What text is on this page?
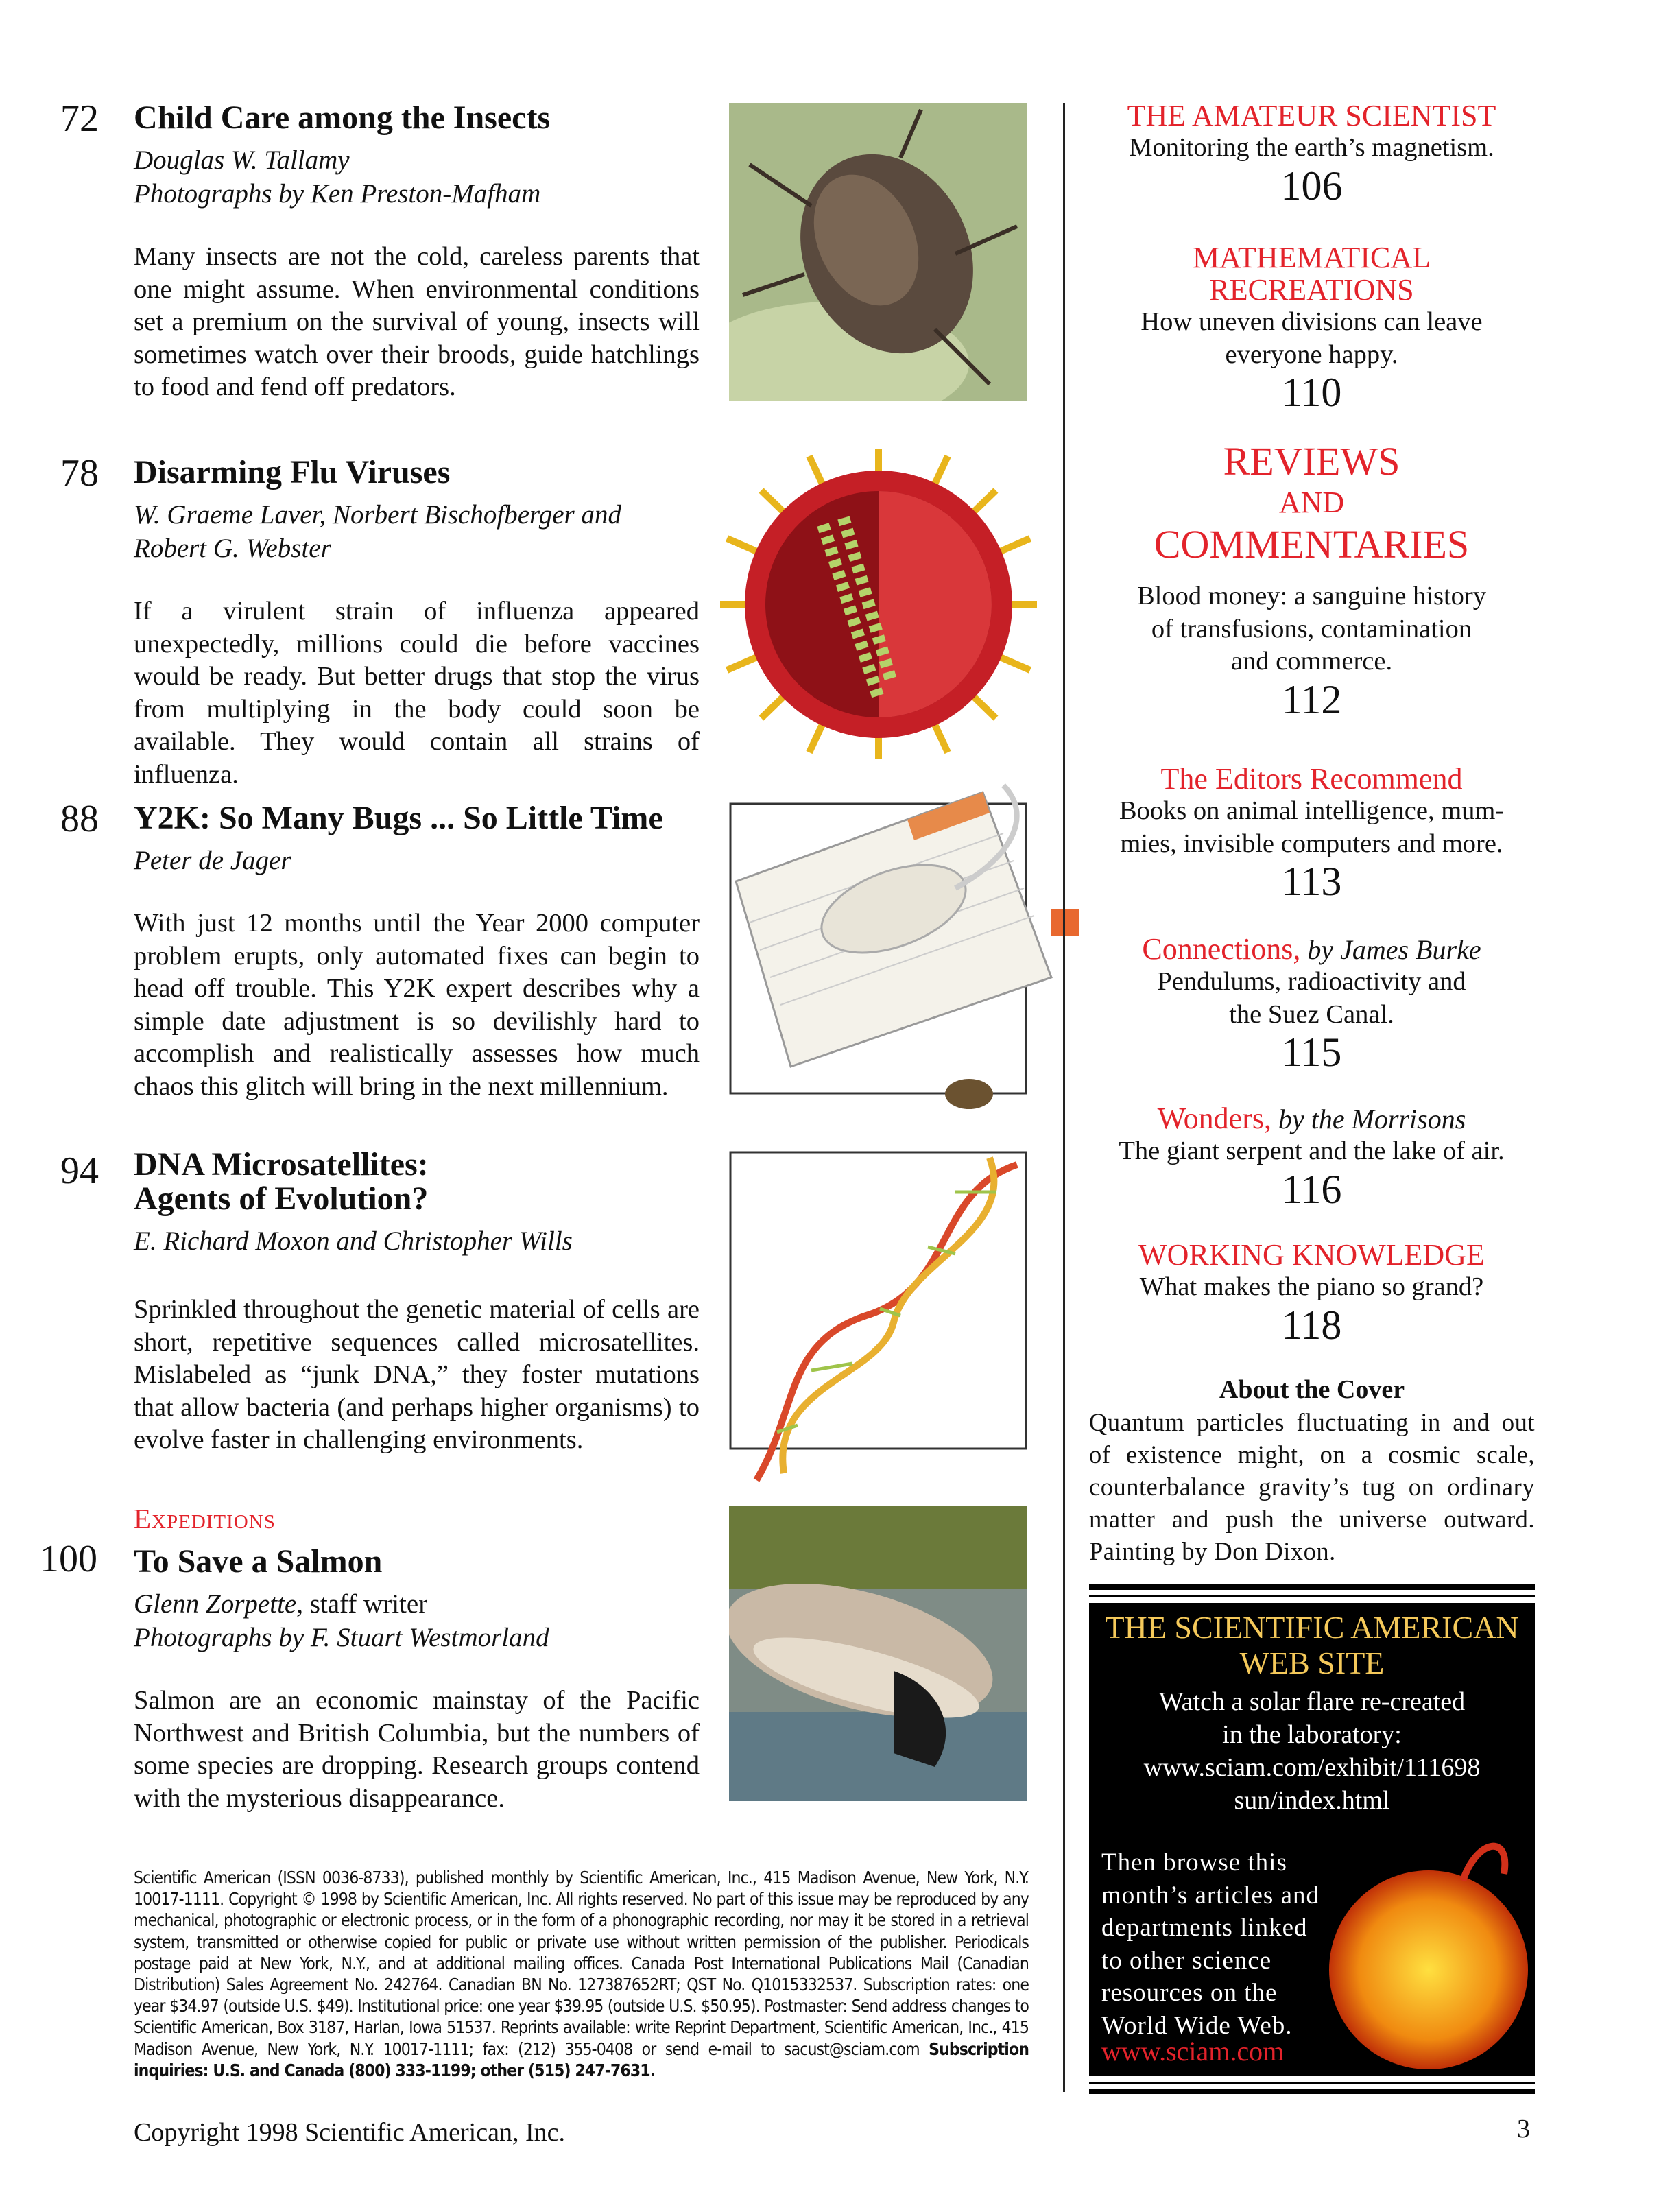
72 Child Care among the Insects
Douglas W. Tallamy
Photographs by Ken Preston-Mafham
Many insects are not the cold, careless parents that one might assume. When environmental conditions set a premium on the survival of young, insects will sometimes watch over their broods, guide hatchlings to food and fend off predators.
78 Disarming Flu Viruses
W. Graeme Laver, Norbert Bischofberger and
Robert G. Webster
If a virulent strain of influenza appeared unexpectedly, millions could die before vaccines would be ready. But better drugs that stop the virus from multiplying in the body could soon be available. They would contain all strains of influenza.
88 Y2K: So Many Bugs ... So Little Time
Peter de Jager
With just 12 months until the Year 2000 computer problem erupts, only automated fixes can begin to head off trouble. This Y2K expert describes why a simple date adjustment is so devilishly hard to accomplish and realistically assesses how much chaos this glitch will bring in the next millennium.
94 DNA Microsatellites:
Agents of Evolution?
E. Richard Moxon and Christopher Wills
Sprinkled throughout the genetic material of cells are short, repetitive sequences called microsatellites. Mislabeled as “junk DNA,” they foster mutations that allow bacteria (and perhaps higher organisms) to evolve faster in challenging environments.
Expeditions
100 To Save a Salmon
Glenn Zorpette, staff writer
Photographs by F. Stuart Westmorland
Salmon are an economic mainstay of the Pacific Northwest and British Columbia, but the numbers of some species are dropping. Research groups contend with the mysterious disappearance.
THE AMATEUR SCIENTIST
Monitoring the earth’s magnetism.
106
MATHEMATICAL
RECREATIONS
How uneven divisions can leave
everyone happy.
110
REVIEWS
AND
COMMENTARIES
Blood money: a sanguine history
of transfusions, contamination
and commerce.
112
The Editors Recommend
Books on animal intelligence, mum-
mies, invisible computers and more.
113
Connections, by James Burke
Pendulums, radioactivity and
the Suez Canal.
115
Wonders, by the Morrisons
The giant serpent and the lake of air.
116
WORKING KNOWLEDGE
What makes the piano so grand?
118
About the Cover
Quantum particles fluctuating in and out of existence might, on a cosmic scale, counterbalance gravity’s tug on ordinary matter and push the universe outward. Painting by Don Dixon.
THE SCIENTIFIC AMERICAN
WEB SITE
Watch a solar flare re-created
in the laboratory:
www.sciam.com/exhibit/111698
sun/index.html
Then browse this
month’s articles and
departments linked
to other science
resources on the
World Wide Web.
www.sciam.com
Scientific American (ISSN 0036-8733), published monthly by Scientific American, Inc., 415 Madison Avenue, New York, N.Y. 10017-1111. Copyright © 1998 by Scientific American, Inc. All rights reserved. No part of this issue may be reproduced by any mechanical, photographic or electronic process, or in the form of a phonographic recording, nor may it be stored in a retrieval system, transmitted or otherwise copied for public or private use without written permission of the publisher. Periodicals postage paid at New York, N.Y., and at additional mailing offices. Canada Post International Publications Mail (Canadian Distribution) Sales Agreement No. 242764. Canadian BN No. 127387652RT; QST No. Q1015332537. Subscription rates: one year $34.97 (outside U.S. $49). Institutional price: one year $39.95 (outside U.S. $50.95). Postmaster: Send address changes to Scientific American, Box 3187, Harlan, Iowa 51537. Reprints available: write Reprint Department, Scientific American, Inc., 415 Madison Avenue, New York, N.Y. 10017-1111; fax: (212) 355-0408 or send e-mail to sacust@sciam.com Subscription inquiries: U.S. and Canada (800) 333-1199; other (515) 247-7631.
Copyright 1998 Scientific American, Inc.	3
